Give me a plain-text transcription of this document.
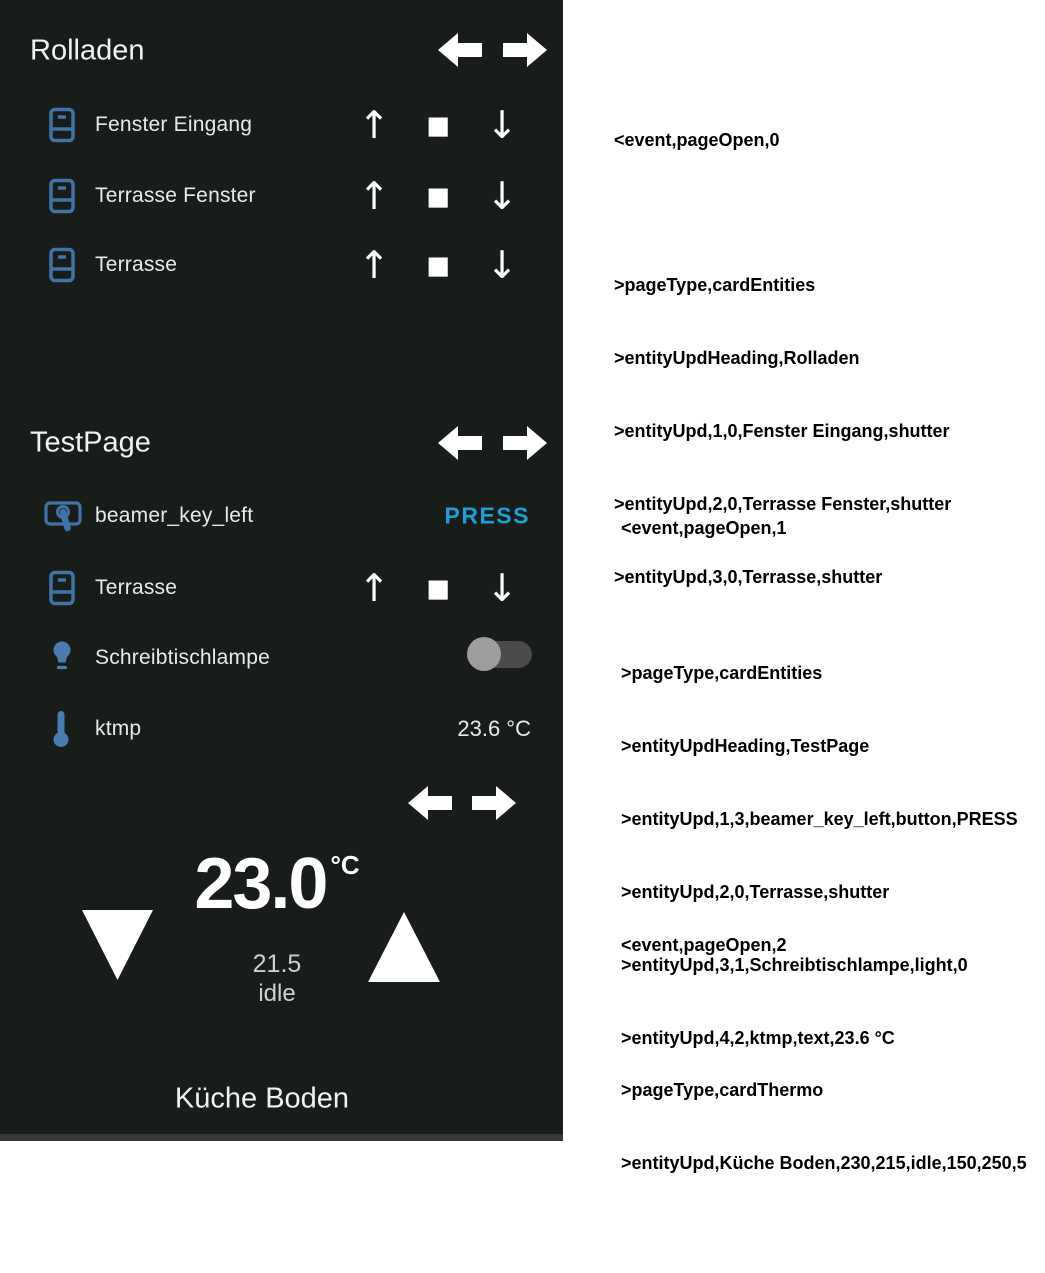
Rolladen
Fenster Eingang	↑ ■ ↓
Terrasse Fenster	↑ ■ ↓
Terrasse	↑ ■ ↓
TestPage
beamer_key_left	PRESS
Terrasse	↑ ■ ↓
Schreibtischlampe
ktmp	23.6 °C
23.0 °C
21.5
idle
Küche Boden

<event,pageOpen,0

>pageType,cardEntities

>entityUpdHeading,Rolladen

>entityUpd,1,0,Fenster Eingang,shutter

>entityUpd,2,0,Terrasse Fenster,shutter

>entityUpd,3,0,Terrasse,shutter

<event,pageOpen,1

>pageType,cardEntities

>entityUpdHeading,TestPage

>entityUpd,1,3,beamer_key_left,button,PRESS

>entityUpd,2,0,Terrasse,shutter

>entityUpd,3,1,Schreibtischlampe,light,0

>entityUpd,4,2,ktmp,text,23.6 °C

<event,pageOpen,2

>pageType,cardThermo

>entityUpd,Küche Boden,230,215,idle,150,250,5
